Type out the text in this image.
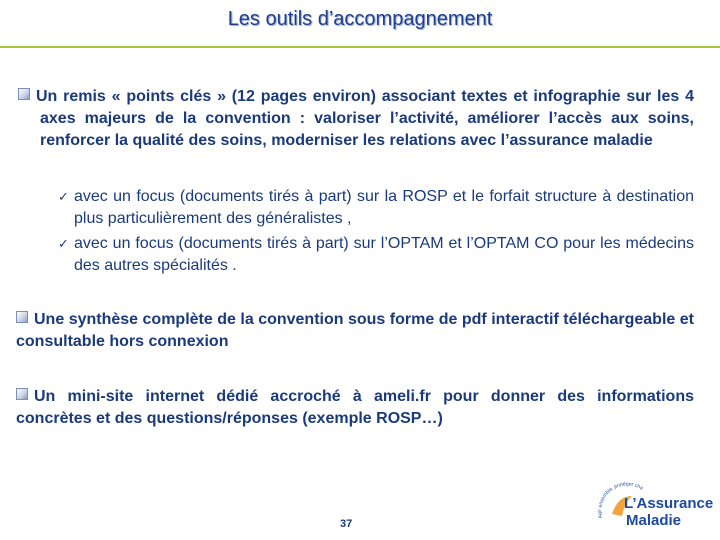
Les outils d’accompagnement
Un remis « points clés » (12 pages environ) associant textes et infographie sur les 4 axes majeurs de la convention : valoriser l’activité, améliorer l’accès aux soins, renforcer la qualité des soins, moderniser les relations avec l’assurance maladie
✓ avec un focus (documents tirés à part) sur la ROSP et le forfait structure à destination plus particulièrement des généralistes ,
✓ avec un focus (documents tirés à part) sur l’OPTAM et l’OPTAM CO pour les médecins des autres spécialités .
Une synthèse complète de la convention sous forme de pdf interactif téléchargeable et consultable hors connexion
Un mini-site internet dédié accroché à ameli.fr pour donner des informations concrètes et des questions/réponses (exemple ROSP…)
37
Agir ensemble, protéger cha
L’Assurance
Maladie
